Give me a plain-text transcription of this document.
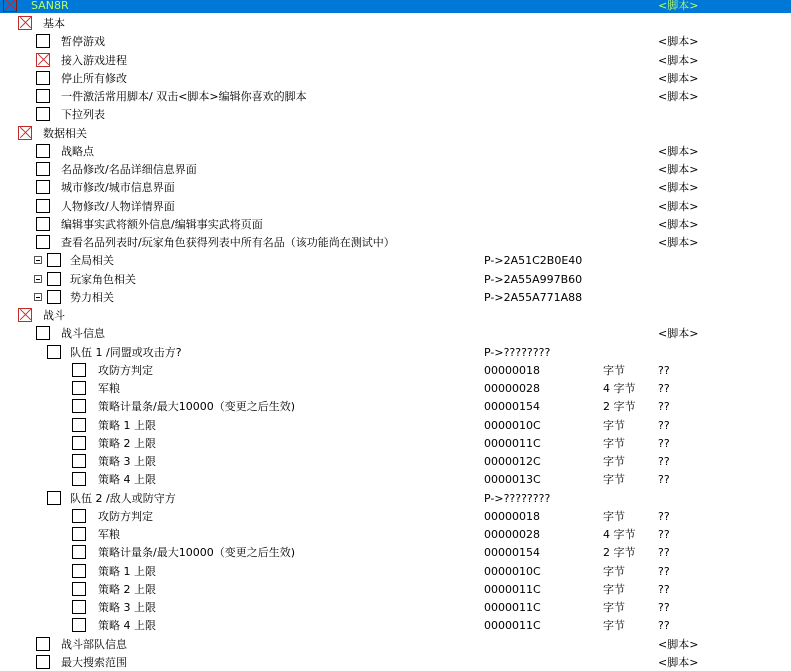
SAN8R	<脚本>
基本
暂停游戏	<脚本>
接入游戏进程	<脚本>
停止所有修改	<脚本>
一件激活常用脚本/ 双击<脚本>编辑你喜欢的脚本	<脚本>
下拉列表
数据相关
战略点	<脚本>
名品修改/名品详细信息界面	<脚本>
城市修改/城市信息界面	<脚本>
人物修改/人物详情界面	<脚本>
编辑事实武将额外信息/编辑事实武将页面	<脚本>
查看名品列表时/玩家角色获得列表中所有名品（该功能尚在测试中）	<脚本>
全局相关	P->2A51C2B0E40
玩家角色相关	P->2A55A997B60
势力相关	P->2A55A771A88
战斗
战斗信息	<脚本>
队伍 1 /同盟或攻击方?	P->????????
攻防方判定	00000018	字节	??
军粮	00000028	4 字节 ??
策略计量条/最大10000（变更之后生效)	00000154	2 字节 ??
策略 1 上限	0000010C	字节	??
策略 2 上限	0000011C	字节	??
策略 3 上限	0000012C	字节	??
策略 4 上限	0000013C	字节	??
队伍 2 /敌人或防守方	P->????????
攻防方判定	00000018	字节	??
军粮	00000028	4 字节 ??
策略计量条/最大10000（变更之后生效)	00000154	2 字节 ??
策略 1 上限	0000010C	字节	??
策略 2 上限	0000011C	字节	??
策略 3 上限	0000011C	字节	??
策略 4 上限	0000011C	字节	??
战斗部队信息	<脚本>
最大搜索范围	<脚本>
